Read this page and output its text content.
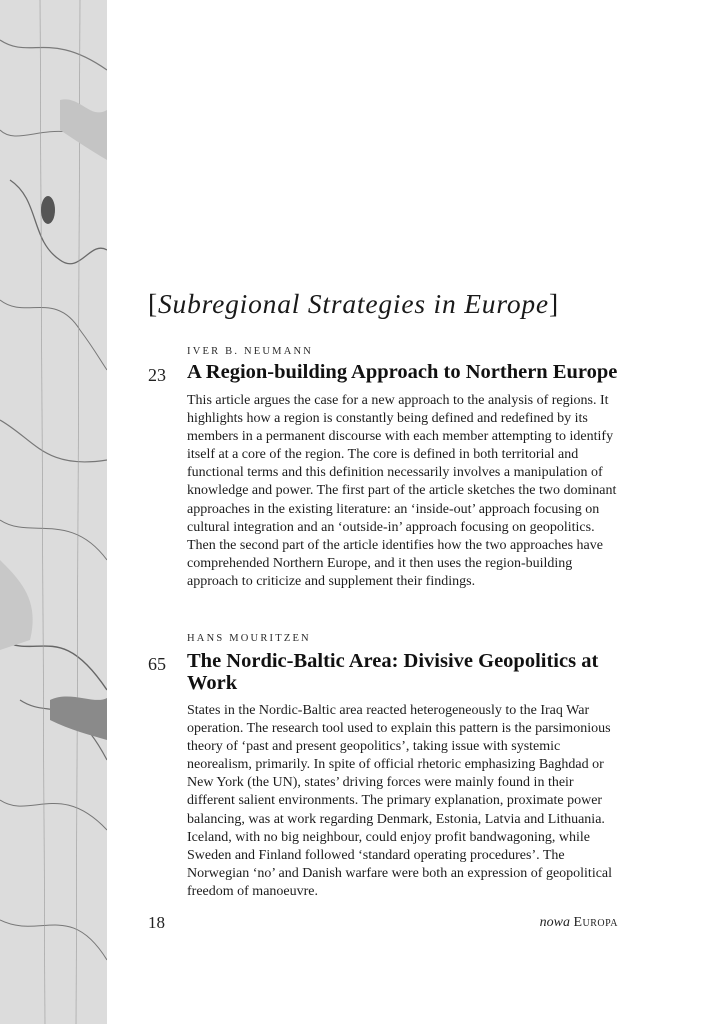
[Subregional Strategies in Europe]
IVER B. NEUMANN
23 A Region-building Approach to Northern Europe

This article argues the case for a new approach to the analysis of regions. It highlights how a region is constantly being defined and redefined by its members in a permanent discourse with each member attempting to identify itself at a core of the region. The core is defined in both territorial and functional terms and this definition necessarily involves a manipulation of knowledge and power. The first part of the article sketches the two dominant approaches in the existing literature: an ‘inside-out’ approach focusing on cultural integration and an ‘outside-in’ approach focusing on geopolitics. Then the second part of the article identifies how the two approaches have comprehended Northern Europe, and it then uses the region-building approach to criticize and supplement their findings.

HANS MOURITZEN
65 The Nordic-Baltic Area: Divisive Geopolitics at Work

States in the Nordic-Baltic area reacted heterogeneously to the Iraq War operation. The research tool used to explain this pattern is the parsimonious theory of ‘past and present geopolitics’, taking issue with systemic neorealism, primarily. In spite of official rhetoric emphasizing Baghdad or New York (the UN), states’ driving forces were mainly found in their different salient environments. The primary explanation, proximate power balancing, was at work regarding Denmark, Estonia, Latvia and Lithuania. Iceland, with no big neighbour, could enjoy profit bandwagoning, while Sweden and Finland followed ‘standard operating procedures’. The Norwegian ‘no’ and Danish warfare were both an expression of geopolitical freedom of manoeuvre.

18	nowa Europa
